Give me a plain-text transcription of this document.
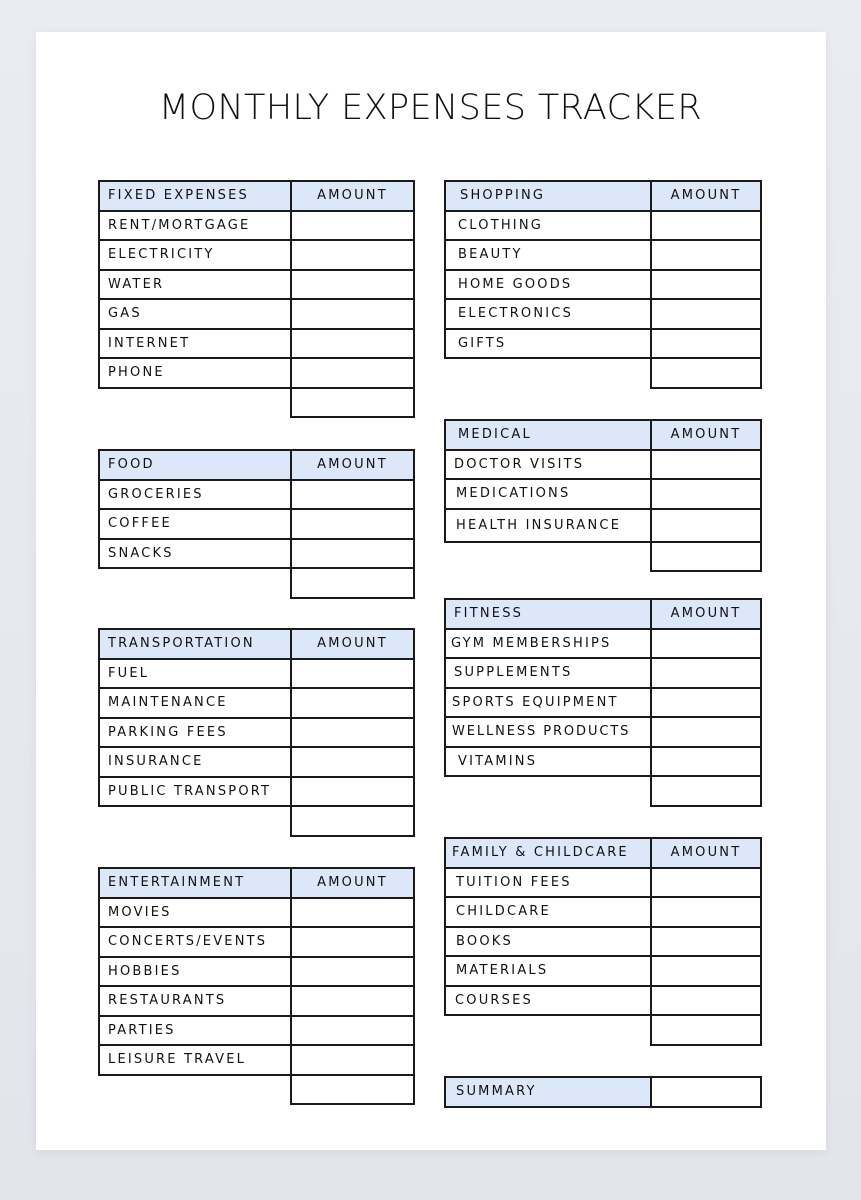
MONTHLY EXPENSES TRACKER
FIXED EXPENSES	AMOUNT
RENT/MORTGAGE	
ELECTRICITY	
WATER	
GAS	
INTERNET	
PHONE	

FOOD	AMOUNT
GROCERIES	
COFFEE	
SNACKS	

TRANSPORTATION	AMOUNT
FUEL	
MAINTENANCE	
PARKING FEES	
INSURANCE	
PUBLIC TRANSPORT	

ENTERTAINMENT	AMOUNT
MOVIES	
CONCERTS/EVENTS	
HOBBIES	
RESTAURANTS	
PARTIES	
LEISURE TRAVEL	

SHOPPING	AMOUNT
CLOTHING	
BEAUTY	
HOME GOODS	
ELECTRONICS	
GIFTS	

MEDICAL	AMOUNT
DOCTOR VISITS	
MEDICATIONS	
HEALTH INSURANCE	

FITNESS	AMOUNT
GYM MEMBERSHIPS	
SUPPLEMENTS	
SPORTS EQUIPMENT	
WELLNESS PRODUCTS	
VITAMINS	

FAMILY & CHILDCARE	AMOUNT
TUITION FEES	
CHILDCARE	
BOOKS	
MATERIALS	
COURSES	

SUMMARY	
